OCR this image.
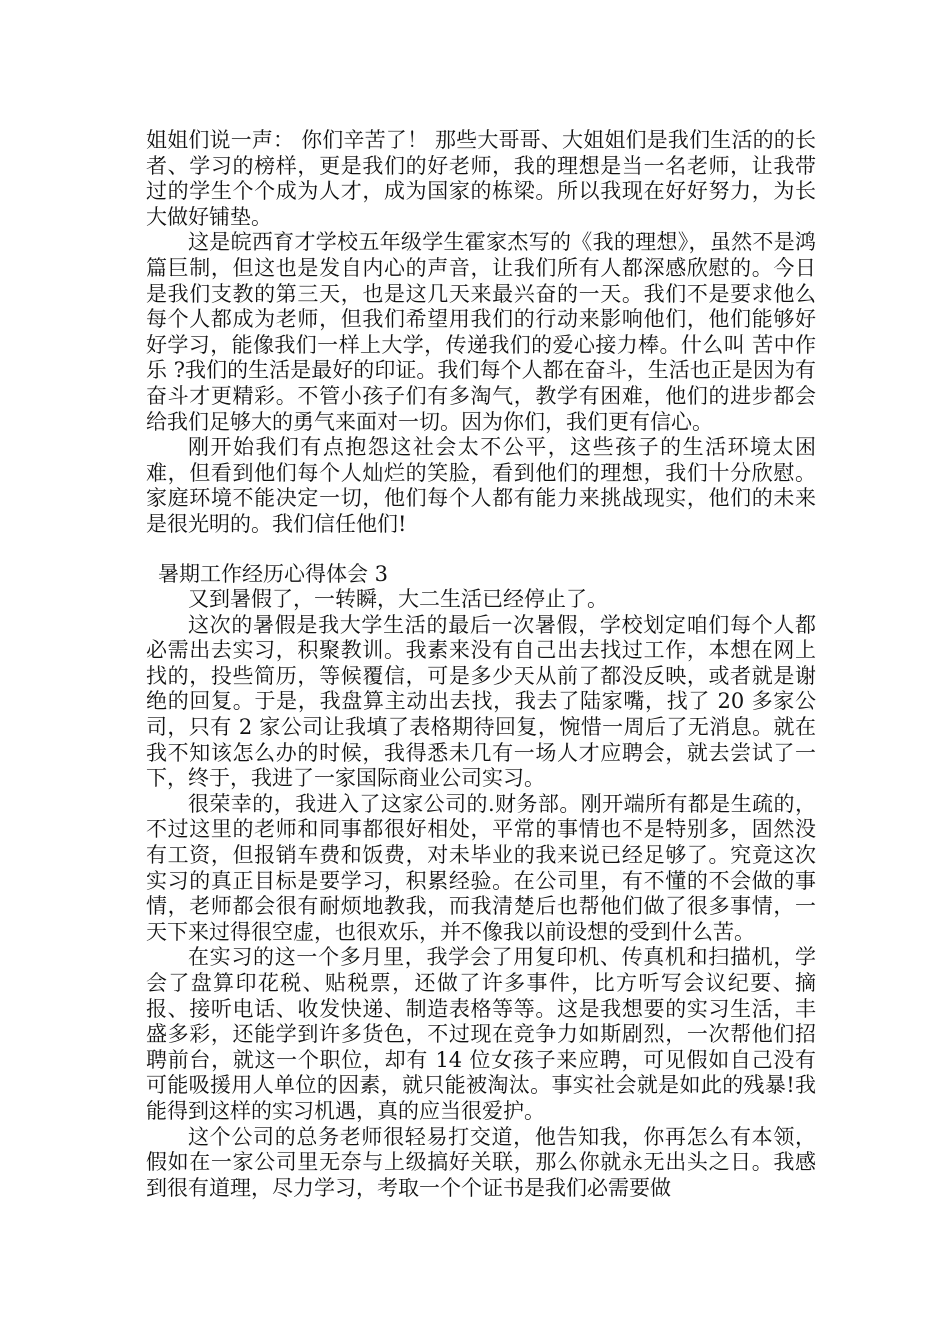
姐姐们说一声： 你们辛苦了！ 那些大哥哥、大姐姐们是我们生活的的长者、学习的榜样，更是我们的好老师，我的理想是当一名老师，让我带过的学生个个成为人才，成为国家的栋梁。所以我现在好好努力，为长大做好铺垫。

这是皖西育才学校五年级学生霍家杰写的《我的理想》，虽然不是鸿篇巨制，但这也是发自内心的声音，让我们所有人都深感欣慰的。今日是我们支教的第三天，也是这几天来最兴奋的一天。我们不是要求他么每个人都成为老师，但我们希望用我们的行动来影响他们，他们能够好好学习，能像我们一样上大学，传递我们的爱心接力棒。什么叫 苦中作乐 ?我们的生活是最好的印证。我们每个人都在奋斗，生活也正是因为有奋斗才更精彩。不管小孩子们有多淘气，教学有困难，他们的进步都会给我们足够大的勇气来面对一切。因为你们，我们更有信心。

刚开始我们有点抱怨这社会太不公平，这些孩子的生活环境太困难，但看到他们每个人灿烂的笑脸，看到他们的理想，我们十分欣慰。家庭环境不能决定一切，他们每个人都有能力来挑战现实，他们的未来是很光明的。我们信任他们!

暑期工作经历心得体会 3

又到暑假了，一转瞬，大二生活已经停止了。

这次的暑假是我大学生活的最后一次暑假，学校划定咱们每个人都必需出去实习，积聚教训。我素来没有自己出去找过工作，本想在网上找的，投些简历，等候覆信，可是多少天从前了都没反映，或者就是谢绝的回复。于是，我盘算主动出去找，我去了陆家嘴，找了 20 多家公司，只有 2 家公司让我填了表格期待回复，惋惜一周后了无消息。就在我不知该怎么办的时候，我得悉未几有一场人才应聘会，就去尝试了一下，终于，我进了一家国际商业公司实习。

很荣幸的，我进入了这家公司的.财务部。刚开端所有都是生疏的，不过这里的老师和同事都很好相处，平常的事情也不是特别多，固然没有工资，但报销车费和饭费，对未毕业的我来说已经足够了。究竟这次实习的真正目标是要学习，积累经验。在公司里，有不懂的不会做的事情，老师都会很有耐烦地教我，而我清楚后也帮他们做了很多事情，一天下来过得很空虚，也很欢乐，并不像我以前设想的受到什么苦。

在实习的这一个多月里，我学会了用复印机、传真机和扫描机，学会了盘算印花税、贴税票，还做了许多事件，比方听写会议纪要、摘报、接听电话、收发快递、制造表格等等。这是我想要的实习生活，丰盛多彩，还能学到许多货色，不过现在竞争力如斯剧烈，一次帮他们招聘前台，就这一个职位，却有 14 位女孩子来应聘，可见假如自己没有可能吸援用人单位的因素，就只能被淘汰。事实社会就是如此的残暴!我能得到这样的实习机遇，真的应当很爱护。

这个公司的总务老师很轻易打交道，他告知我，你再怎么有本领，假如在一家公司里无奈与上级搞好关联，那么你就永无出头之日。我感到很有道理，尽力学习，考取一个个证书是我们必需要做
